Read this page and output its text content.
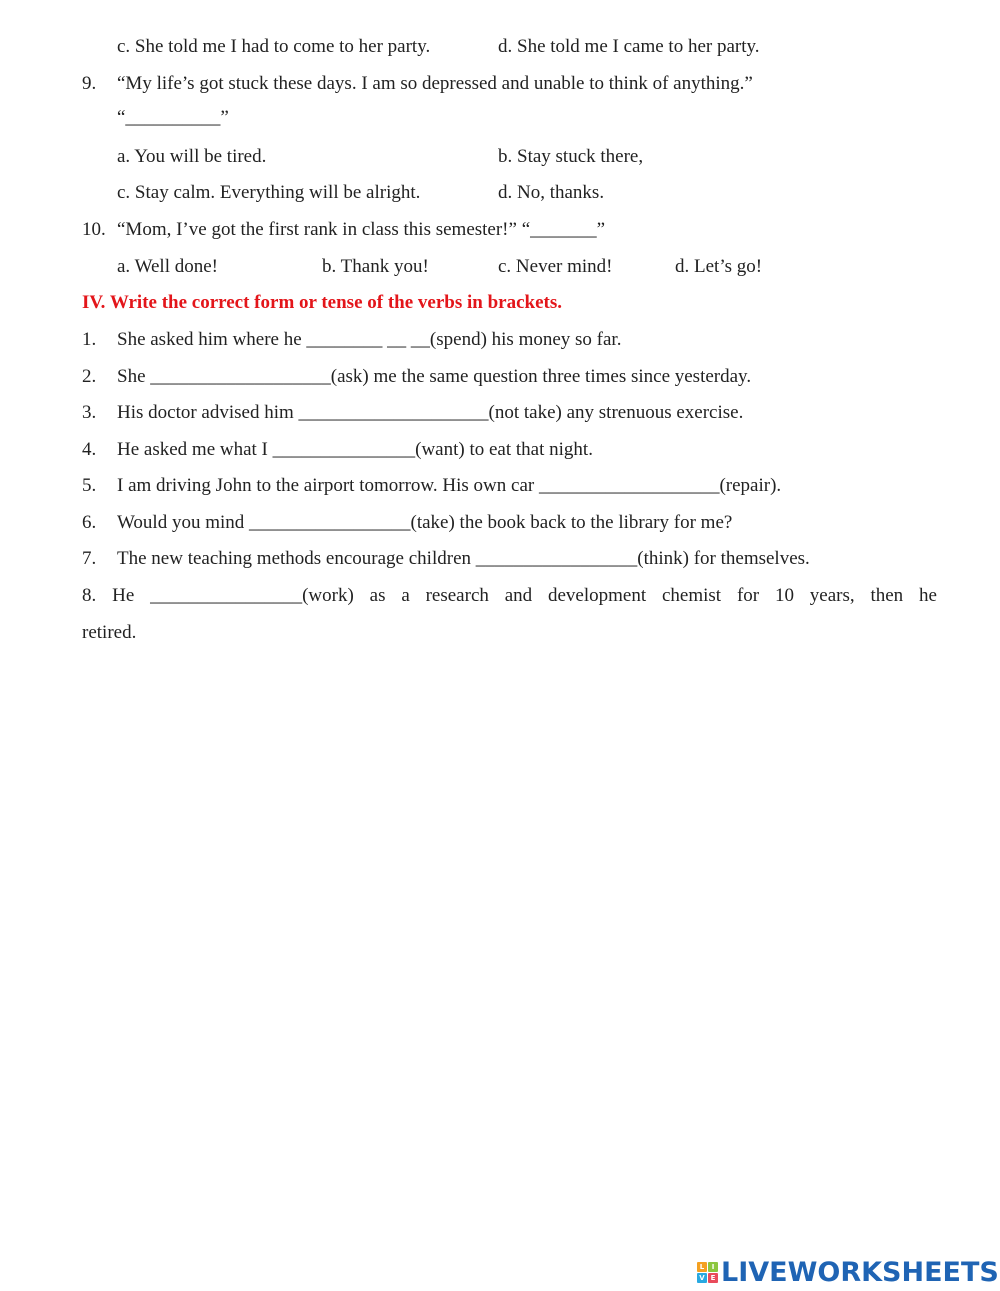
c. She told me I had to come to her party.	d. She told me I came to her party.
9. “My life’s got stuck these days. I am so depressed and unable to think of anything.”
“__________”
a. You will be tired.	b. Stay stuck there,
c. Stay calm. Everything will be alright.	d. No, thanks.
10. “Mom, I’ve got the first rank in class this semester!” “_______”
a. Well done!	b. Thank you!	c. Never mind!	d. Let’s go!
IV. Write the correct form or tense of the verbs in brackets.
1. She asked him where he ________ __ __(spend) his money so far.
2. She ___________________(ask) me the same question three times since yesterday.
3. His doctor advised him ____________________(not take) any strenuous exercise.
4. He asked me what I _______________(want) to eat that night.
5. I am driving John to the airport tomorrow. His own car ___________________(repair).
6. Would you mind _________________(take) the book back to the library for me?
7. The new teaching methods encourage children _________________(think) for themselves.
8. He ________________(work) as a research and development chemist for 10 years, then he
retired.
L	I
V E LIVEWORKSHEETS
